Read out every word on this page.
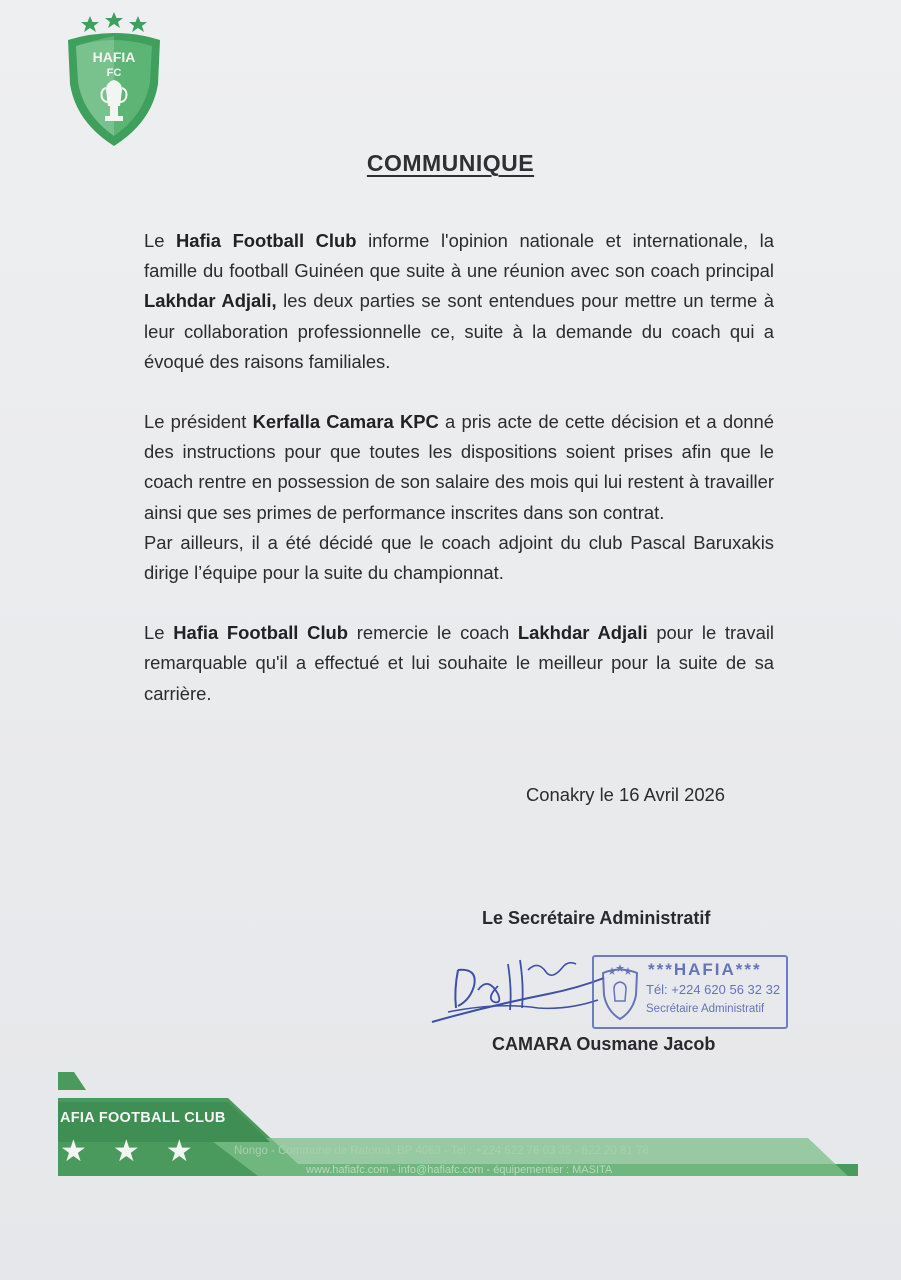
HAFIA
FC
COMMUNIQUE

Le Hafia Football Club informe l'opinion nationale et internationale, la famille du football Guinéen que suite à une réunion avec son coach principal Lakhdar Adjali, les deux parties se sont entendues pour mettre un terme à leur collaboration professionnelle ce, suite à la demande du coach qui a évoqué des raisons familiales.

Le président Kerfalla Camara KPC a pris acte de cette décision et a donné des instructions pour que toutes les dispositions soient prises afin que le coach rentre en possession de son salaire des mois qui lui restent à travailler ainsi que ses primes de performance inscrites dans son contrat.

Par ailleurs, il a été décidé que le coach adjoint du club Pascal Baruxakis dirige l’équipe pour la suite du championnat.

Le Hafia Football Club remercie le coach Lakhdar Adjali pour le travail remarquable qu'il a effectué et lui souhaite le meilleur pour la suite de sa carrière.

Conakry le 16 Avril 2026
Le Secrétaire Administratif
***HAFIA***
Tél: +224 620 56 32 32
Secrétaire Administratif
CAMARA Ousmane Jacob
AFIA FOOTBALL CLUB
★ ★ ★	Nongo - Commune de Ratoma, BP 4063 - Tel : +224 622 76 03 35 - 622 20 81 78
www.hafiafc.com - info@hafiafc.com - équipementier : MASITA
